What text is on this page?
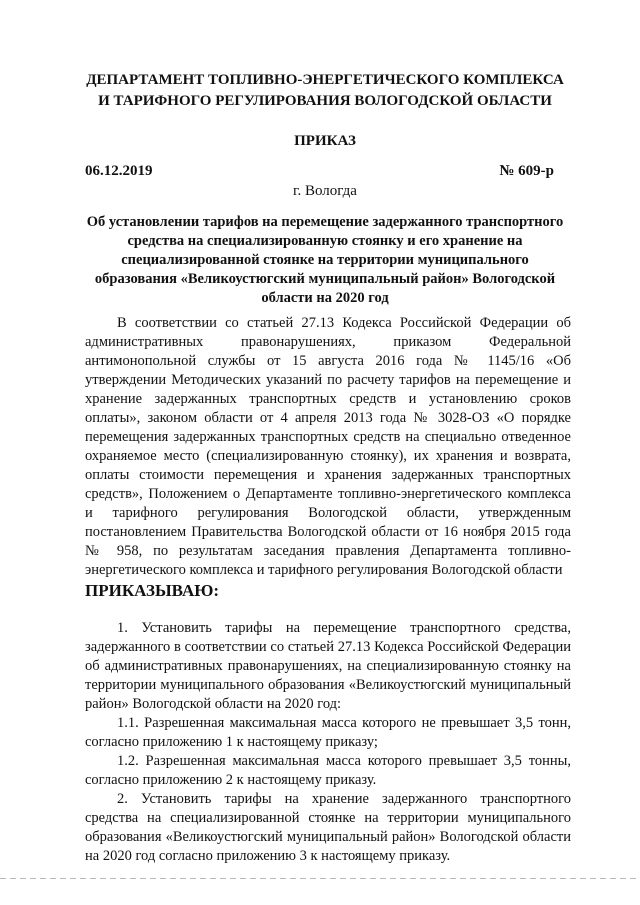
ДЕПАРТАМЕНТ ТОПЛИВНО-ЭНЕРГЕТИЧЕСКОГО КОМПЛЕКСА
И ТАРИФНОГО РЕГУЛИРОВАНИЯ ВОЛОГОДСКОЙ ОБЛАСТИ
ПРИКАЗ
06.12.2019	№ 609-р
г. Вологда
Об установлении тарифов на перемещение задержанного транспортного средства на специализированную стоянку и его хранение на специализированной стоянке на территории муниципального образования «Великоустюгский муниципальный район» Вологодской области на 2020 год

В соответствии со статьей 27.13 Кодекса Российской Федерации об административных правонарушениях, приказом Федеральной антимонопольной службы от 15 августа 2016 года № 1145/16 «Об утверждении Методических указаний по расчету тарифов на перемещение и хранение задержанных транспортных средств и установлению сроков оплаты», законом области от 4 апреля 2013 года № 3028-ОЗ «О порядке перемещения задержанных транспортных средств на специально отведенное охраняемое место (специализированную стоянку), их хранения и возврата, оплаты стоимости перемещения и хранения задержанных транспортных средств», Положением о Департаменте топливно-энергетического комплекса и тарифного регулирования Вологодской области, утвержденным постановлением Правительства Вологодской области от 16 ноября 2015 года № 958, по результатам заседания правления Департамента топливно-энергетического комплекса и тарифного регулирования Вологодской области

ПРИКАЗЫВАЮ:

1. Установить тарифы на перемещение транспортного средства, задержанного в соответствии со статьей 27.13 Кодекса Российской Федерации об административных правонарушениях, на специализированную стоянку на территории муниципального образования «Великоустюгский муниципальный район» Вологодской области на 2020 год:

1.1. Разрешенная максимальная масса которого не превышает 3,5 тонн, согласно приложению 1 к настоящему приказу;

1.2. Разрешенная максимальная масса которого превышает 3,5 тонны, согласно приложению 2 к настоящему приказу.

2. Установить тарифы на хранение задержанного транспортного средства на специализированной стоянке на территории муниципального образования «Великоустюгский муниципальный район» Вологодской области на 2020 год согласно приложению 3 к настоящему приказу.
